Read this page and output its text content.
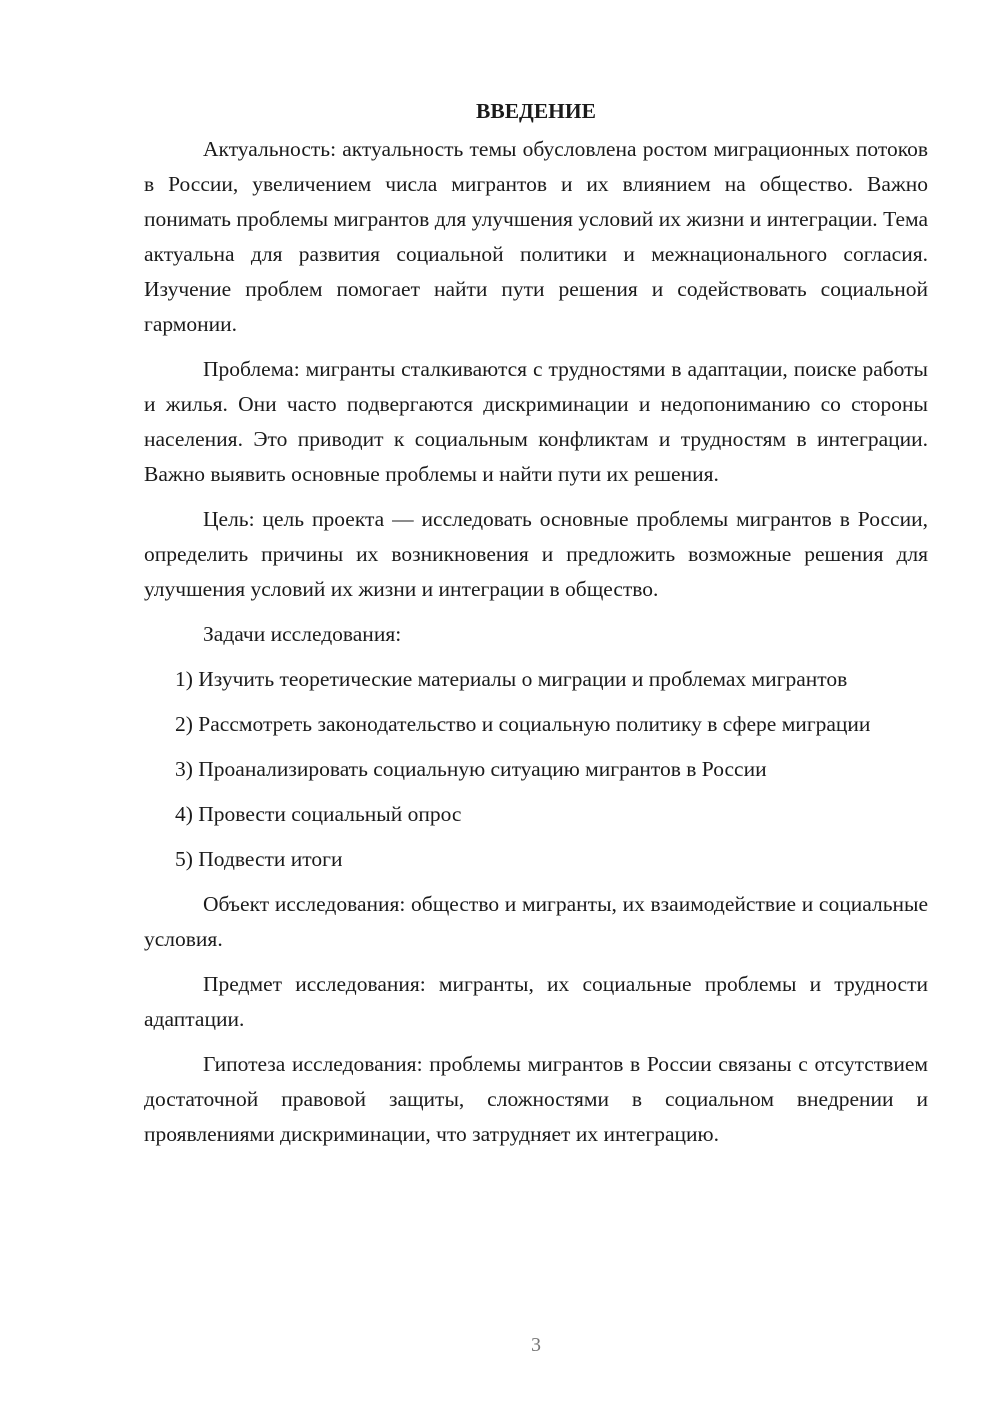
ВВЕДЕНИЕ

Актуальность: актуальность темы обусловлена ростом миграционных потоков в России, увеличением числа мигрантов и их влиянием на общество. Важно понимать проблемы мигрантов для улучшения условий их жизни и интеграции. Тема актуальна для развития социальной политики и межнационального согласия. Изучение проблем помогает найти пути решения и содействовать социальной гармонии.

Проблема: мигранты сталкиваются с трудностями в адаптации, поиске работы и жилья. Они часто подвергаются дискриминации и недопониманию со стороны населения. Это приводит к социальным конфликтам и трудностям в интеграции. Важно выявить основные проблемы и найти пути их решения.

Цель: цель проекта — исследовать основные проблемы мигрантов в России, определить причины их возникновения и предложить возможные решения для улучшения условий их жизни и интеграции в общество.

Задачи исследования:

1) Изучить теоретические материалы о миграции и проблемах мигрантов

2) Рассмотреть законодательство и социальную политику в сфере миграции

3) Проанализировать социальную ситуацию мигрантов в России

4) Провести социальный опрос

5) Подвести итоги

Объект исследования: общество и мигранты, их взаимодействие и социальные условия.

Предмет исследования: мигранты, их социальные проблемы и трудности адаптации.

Гипотеза исследования: проблемы мигрантов в России связаны с отсутствием достаточной правовой защиты, сложностями в социальном внедрении и проявлениями дискриминации, что затрудняет их интеграцию.

3
